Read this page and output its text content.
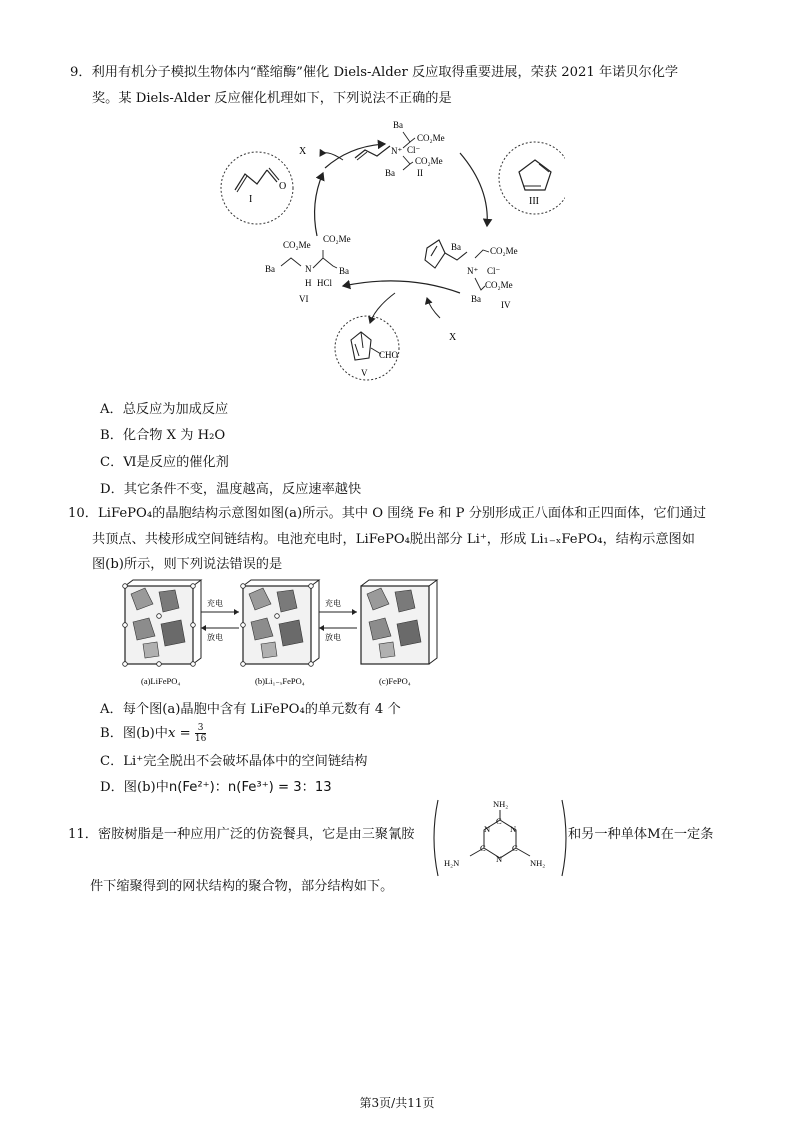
9．利用有机分子模拟生物体内“醛缩酶”催化 Diels-Alder 反应取得重要进展，荣获 2021 年诺贝尔化学
奖。某 Diels-Alder 反应催化机理如下，下列说法不正确的是
X
X
O
I
N⁺
Ba
CO₂Me
Cl⁻
CO₂Me
Ba II
III
Ba	CO₂Me
N⁺ Cl⁻
CO₂Me
Ba
IV
CO₂Me
CO₂Me
Ba	N	Ba
H HCl
VI
CHO
V
A．总反应为加成反应
B．化合物 X 为 H₂O
C．Ⅵ是反应的催化剂
D．其它条件不变，温度越高，反应速率越快
10．LiFePO₄的晶胞结构示意图如图(a)所示。其中 O 围绕 Fe 和 P 分别形成正八面体和正四面体，它们通过
共顶点、共棱形成空间链结构。电池充电时，LiFePO₄脱出部分 Li⁺，形成 Li₁₋ₓFePO₄，结构示意图如
图(b)所示，则下列说法错误的是
充电
放电
充电
放电
(a)LiFePO₄	(b)Li₁₋ₓFePO₄	(c)FePO₄
A．每个图(a)晶胞中含有 LiFePO₄的单元数有 4 个
B．图(b)中$x = \frac{3}{16}$
C．Li⁺完全脱出不会破坏晶体中的空间链结构
D．图(b)中n(Fe²⁺)：n(Fe³⁺) = 3：13
11．密胺树脂是一种应用广泛的仿瓷餐具，它是由三聚氰胺
NH₂
N N
C
C	C
N
H₂N	NH₂
和另一种单体M在一定条
件下缩聚得到的网状结构的聚合物，部分结构如下。
第3页/共11页
